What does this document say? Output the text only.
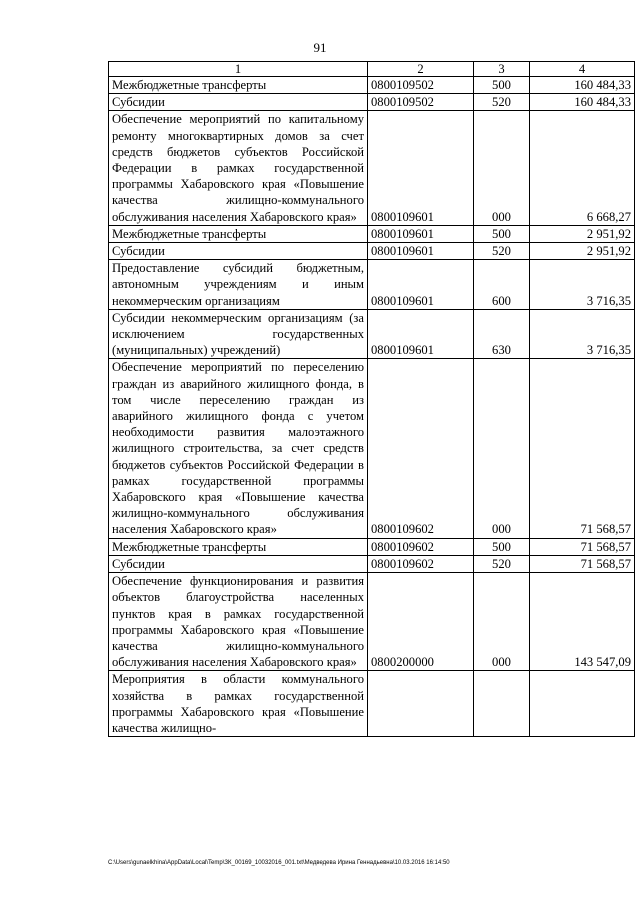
91
1	2	3	4
Межбюджетные трансферты	0800109502	500	160 484,33
Субсидии	0800109502	520	160 484,33
Обеспечение мероприятий по капитальному ремонту многоквартирных домов за счет средств бюджетов субъектов Российской Федерации в рамках государственной программы Хабаровского края «Повышение качества жилищно-коммунального обслуживания населения Хабаровского края»	0800109601	000	6 668,27
Межбюджетные трансферты	0800109601	500	2 951,92
Субсидии	0800109601	520	2 951,92
Предоставление субсидий бюджетным, автономным учреждениям и иным некоммерческим организациям	0800109601	600	3 716,35
Субсидии некоммерческим организациям (за исключением государственных (муниципальных) учреждений)	0800109601	630	3 716,35
Обеспечение мероприятий по переселению граждан из аварийного жилищного фонда, в том числе переселению граждан из аварийного жилищного фонда с учетом необходимости развития малоэтажного жилищного строительства, за счет средств бюджетов субъектов Российской Федерации в рамках государственной программы Хабаровского края «Повышение качества жилищно-коммунального обслуживания населения Хабаровского края»	0800109602	000	71 568,57
Межбюджетные трансферты	0800109602	500	71 568,57
Субсидии	0800109602	520	71 568,57
Обеспечение функционирования и развития объектов благоустройства населенных пунктов края в рамках государственной программы Хабаровского края «Повышение качества жилищно-коммунального обслуживания населения Хабаровского края»	0800200000	000	143 547,09
Мероприятия в области коммунального хозяйства в рамках государственной программы Хабаровского края «Повышение качества жилищно-			
C:\Users\gunaelkhina\AppData\Local\Temp\ЗК_00169_10032016_001.txt\Медведева Ирина Геннадьевна\10.03.2016 16:14:50
